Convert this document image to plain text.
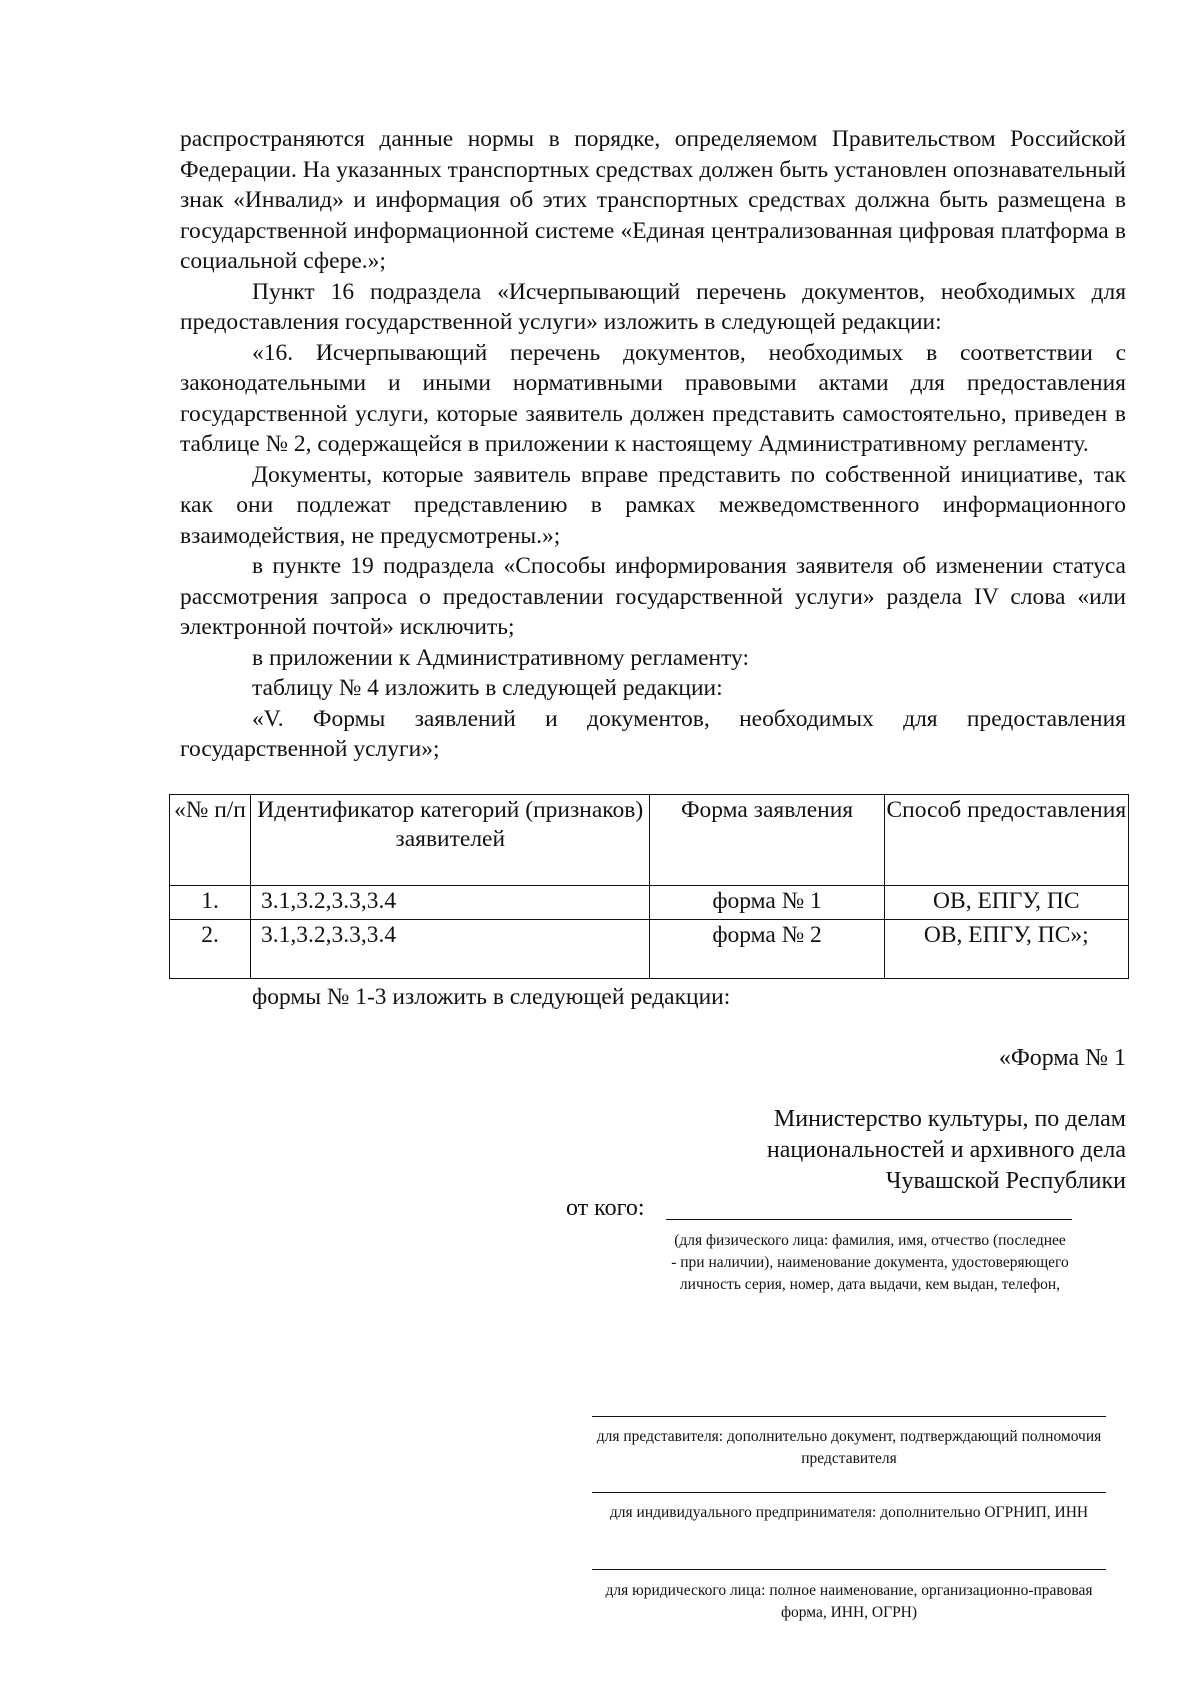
распространяются данные нормы в порядке, определяемом Правительством Российской Федерации. На указанных транспортных средствах должен быть установлен опознавательный знак «Инвалид» и информация об этих транспортных средствах должна быть размещена в государственной информационной системе «Единая централизованная цифровая платформа в социальной сфере.»;

Пункт 16 подраздела «Исчерпывающий перечень документов, необходимых для предоставления государственной услуги» изложить в следующей редакции:

«16. Исчерпывающий перечень документов, необходимых в соответствии с законодательными и иными нормативными правовыми актами для предоставления государственной услуги, которые заявитель должен представить самостоятельно, приведен в таблице № 2, содержащейся в приложении к настоящему Административному регламенту.

Документы, которые заявитель вправе представить по собственной инициативе, так как они подлежат представлению в рамках межведомственного информационного взаимодействия, не предусмотрены.»;

в пункте 19 подраздела «Способы информирования заявителя об изменении статуса рассмотрения запроса о предоставлении государственной услуги» раздела IV слова «или электронной почтой» исключить;

в приложении к Административному регламенту:

таблицу № 4 изложить в следующей редакции:

«V. Формы заявлений и документов, необходимых для предоставления государственной услуги»;

«№ п/п	Идентификатор категорий (признаков) заявителей	Форма заявления	Способ предоставления
1.	3.1,3.2,3.3,3.4	форма № 1	ОВ, ЕПГУ, ПС
2.	3.1,3.2,3.3,3.4	форма № 2	ОВ, ЕПГУ, ПС»;
формы № 1-3 изложить в следующей редакции:
«Форма № 1
Министерство культуры, по делам
национальностей и архивного дела
Чувашской Республики
от кого:
(для физического лица: фамилия, имя, отчество (последнее - при наличии), наименование документа, удостоверяющего личность серия, номер, дата выдачи, кем выдан, телефон,
для представителя: дополнительно документ, подтверждающий полномочия представителя
для индивидуального предпринимателя: дополнительно ОГРНИП, ИНН
для юридического лица: полное наименование, организационно-правовая форма, ИНН, ОГРН)
